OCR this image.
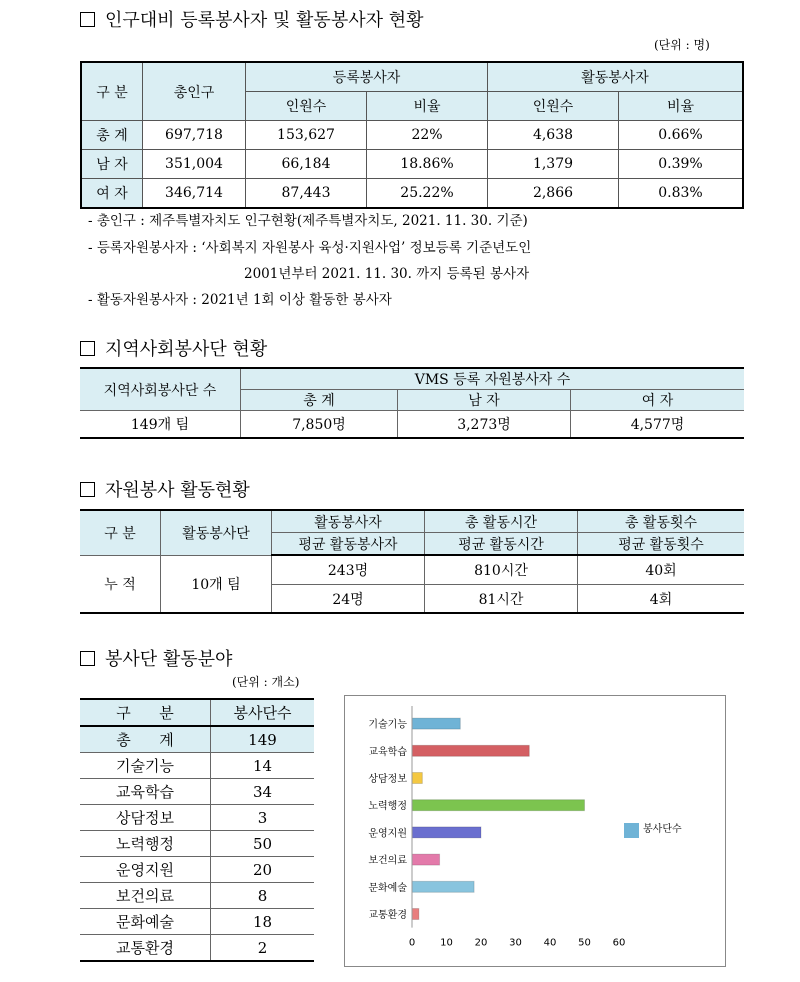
인구대비 등록봉사자 및 활동봉사자 현황
(단위 : 명)
구 분	총인구	등록봉사자		활동봉사자	
		인원수	비율	인원수	비율
총 계	697,718	153,627	22%	4,638	0.66%
남 자	351,004	66,184	18.86%	1,379	0.39%
여 자	346,714	87,443	25.22%	2,866	0.83%
- 총인구 : 제주특별자치도 인구현황(제주특별자치도, 2021. 11. 30. 기준)
- 등록자원봉사자 : ‘사회복지 자원봉사 육성·지원사업’ 정보등록 기준년도인
2001년부터 2021. 11. 30. 까지 등록된 봉사자
- 활동자원봉사자 : 2021년 1회 이상 활동한 봉사자
지역사회봉사단 현황
지역사회봉사단 수	VMS 등록 자원봉사자 수		
	총 계	남 자	여 자
149개 팀	7,850명	3,273명	4,577명
자원봉사 활동현황
구 분	활동봉사단	활동봉사자	총 활동시간	총 활동횟수
		평균 활동봉사자	평균 활동시간	평균 활동횟수
누 적	10개 팀	243명	810시간	40회
		24명	81시간	4회
봉사단 활동분야
(단위 : 개소)
구      분	봉사단수
총      계	149
기술기능	14
교육학습	34
상담정보	3
노력행정	50
운영지원	20
보건의료	8
문화예술	18
교통환경	2
기술기능
교육학습
상담정보
노력행정
운영지원
보건의료
문화예술
교통환경
0 10 20 30 40 50 60
봉사단수
